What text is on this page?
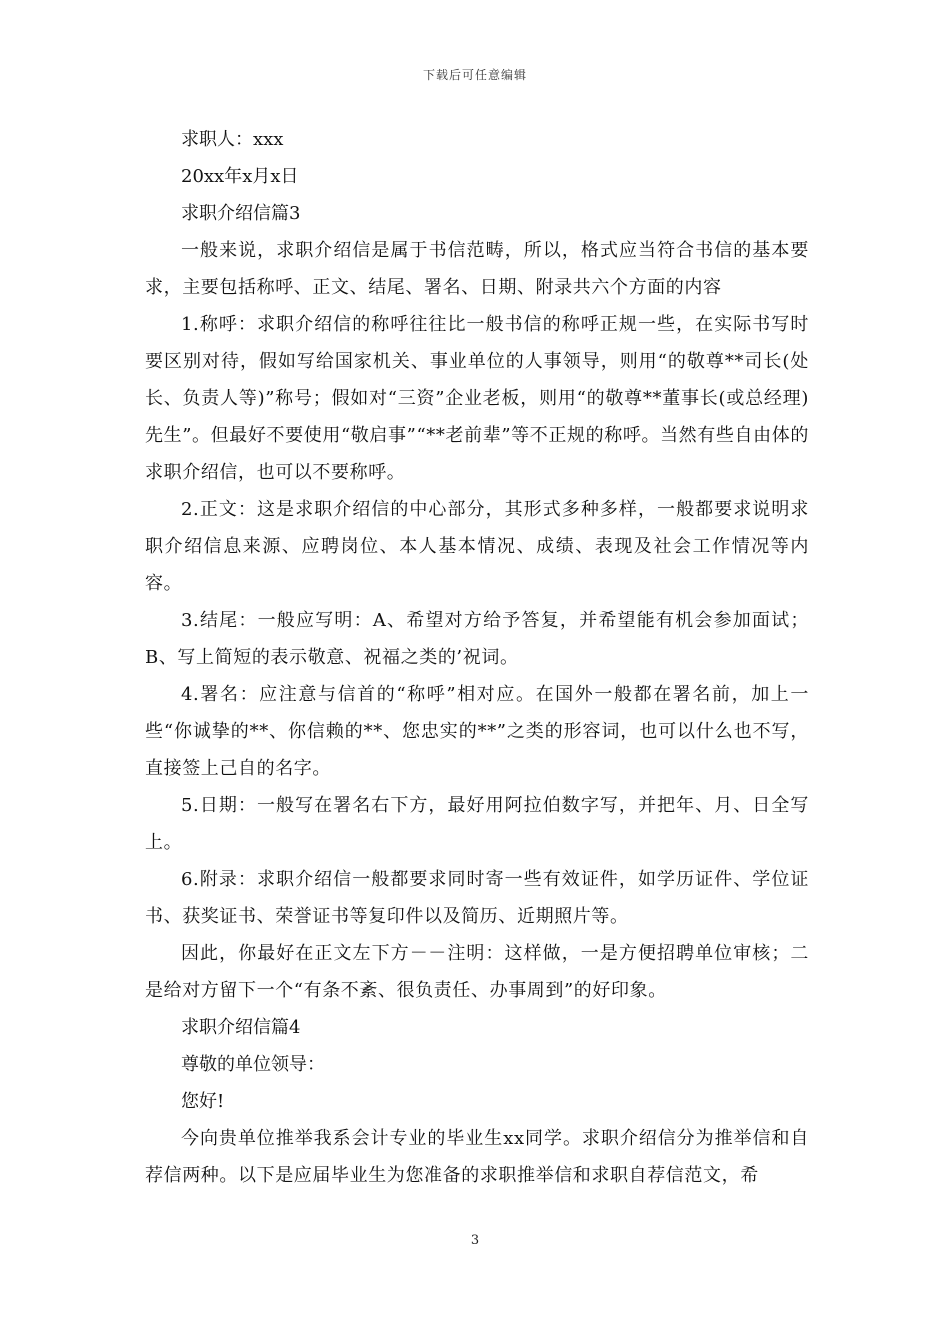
下载后可任意编辑
求职人：xxx
20xx年x月x日
求职介绍信篇3

一般来说，求职介绍信是属于书信范畴，所以，格式应当符合书信的基本要求，主要包括称呼、正文、结尾、署名、日期、附录共六个方面的内容

1.称呼：求职介绍信的称呼往往比一般书信的称呼正规一些，在实际书写时要区别对待，假如写给国家机关、事业单位的人事领导，则用“的敬尊**司长(处长、负责人等)”称号；假如对“三资”企业老板，则用“的敬尊**董事长(或总经理)先生”。但最好不要使用“敬启事”“**老前辈”等不正规的称呼。当然有些自由体的求职介绍信，也可以不要称呼。

2.正文：这是求职介绍信的中心部分，其形式多种多样，一般都要求说明求职介绍信息来源、应聘岗位、本人基本情况、成绩、表现及社会工作情况等内容。

3.结尾：一般应写明：A、希望对方给予答复，并希望能有机会参加面试；B、写上简短的表示敬意、祝福之类的’祝词。

4.署名：应注意与信首的“称呼”相对应。在国外一般都在署名前，加上一些“你诚挚的**、你信赖的**、您忠实的**”之类的形容词，也可以什么也不写，直接签上己自的名字。

5.日期：一般写在署名右下方，最好用阿拉伯数字写，并把年、月、日全写上。

6.附录：求职介绍信一般都要求同时寄一些有效证件，如学历证件、学位证书、获奖证书、荣誉证书等复印件以及简历、近期照片等。

因此，你最好在正文左下方－－注明：这样做，一是方便招聘单位审核；二是给对方留下一个“有条不紊、很负责任、办事周到”的好印象。

求职介绍信篇4
尊敬的单位领导：
您好!

今向贵单位推举我系会计专业的毕业生xx同学。求职介绍信分为推举信和自荐信两种。以下是应届毕业生为您准备的求职推举信和求职自荐信范文，希

3
